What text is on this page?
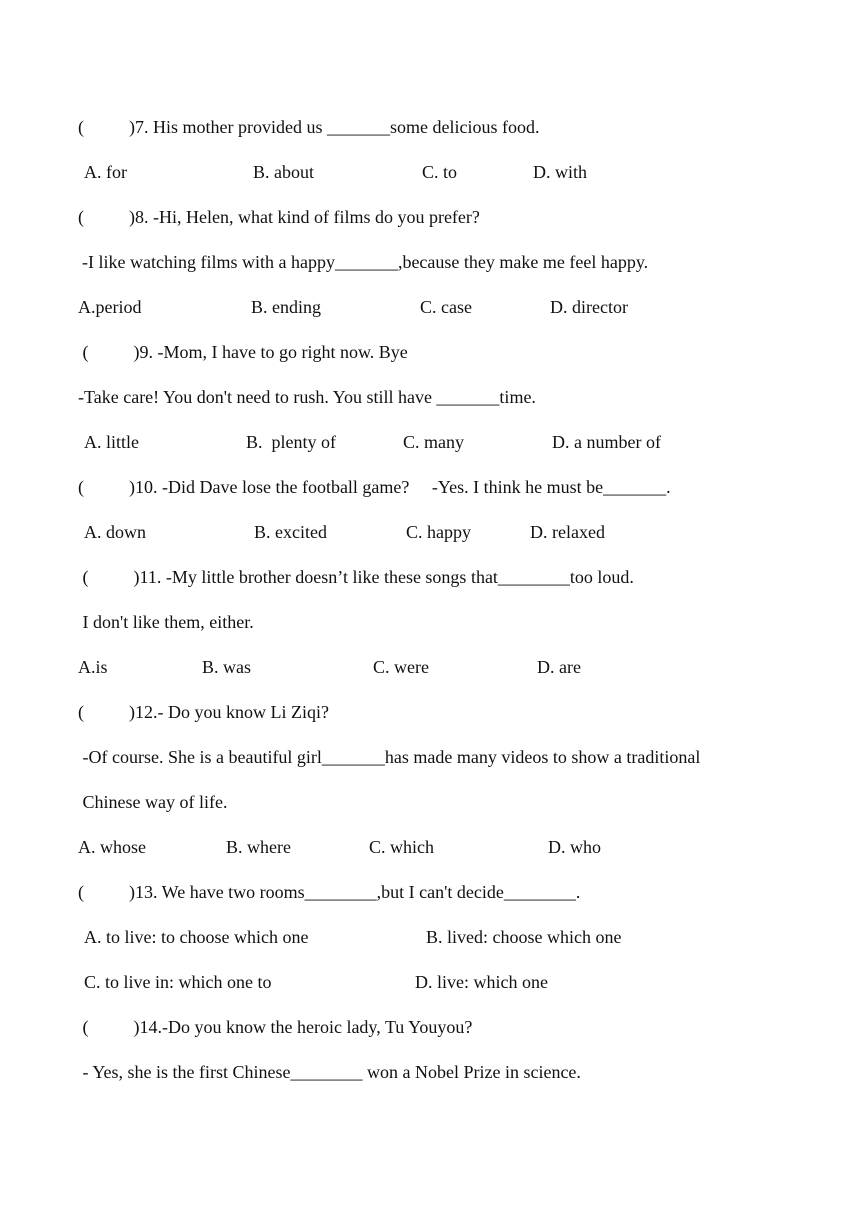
(          )7. His mother provided us _______some delicious food.
A. for	B. about	C. to	D. with
(          )8. -Hi, Helen, what kind of films do you prefer?
-I like watching films with a happy_______,because they make me feel happy.
A.period	B. ending	C. case	D. director
(          )9. -Mom, I have to go right now. Bye
-Take care! You don't need to rush. You still have _______time.
A. little	B.  plenty of	C. many	D. a number of
(          )10. -Did Dave lose the football game?     -Yes. I think he must be_______.
A. down	B. excited	C. happy	D. relaxed
(          )11. -My little brother doesn’t like these songs that________too loud.
I don't like them, either.
A.is	B. was	C. were	D. are
(          )12.- Do you know Li Ziqi?
-Of course. She is a beautiful girl_______has made many videos to show a traditional
Chinese way of life.
A. whose	B. where	C. which	D. who
(          )13. We have two rooms________,but I can't decide________.
A. to live: to choose which one	B. lived: choose which one
C. to live in: which one to	D. live: which one
(          )14.-Do you know the heroic lady, Tu Youyou?
- Yes, she is the first Chinese________ won a Nobel Prize in science.
